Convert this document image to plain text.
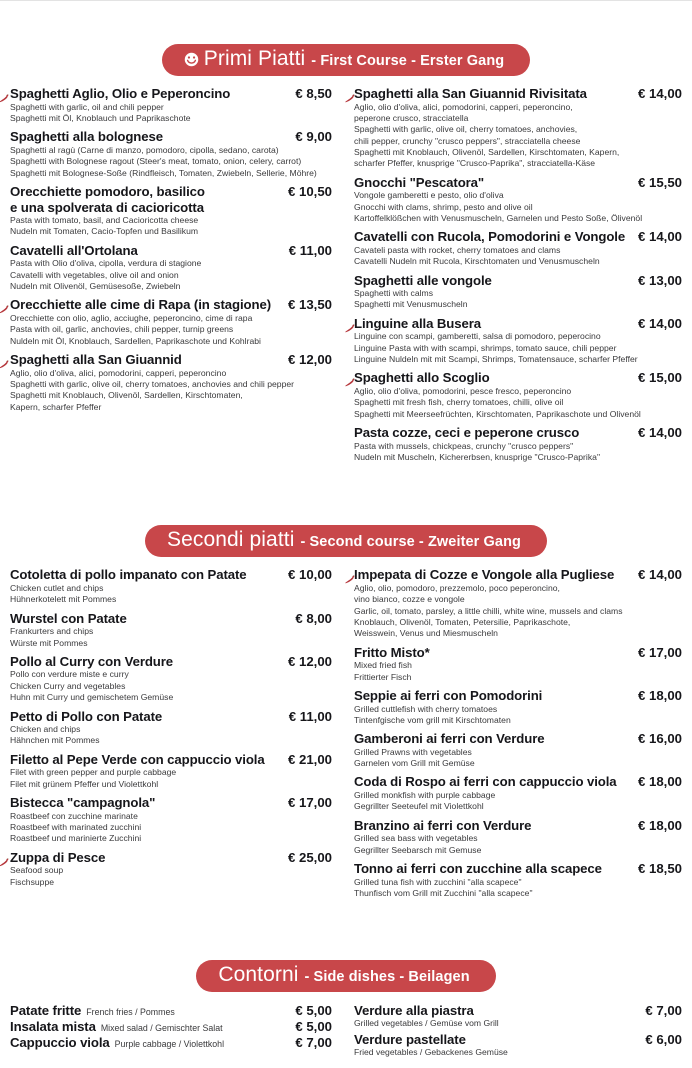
Primi Piatti - First Course - Erster Gang
Spaghetti Aglio, Olio e Peperoncino	€ 8,50
Spaghetti with garlic, oil and chili pepper
Spaghetti mit Öl, Knoblauch und Paprikaschote
Spaghetti alla bolognese	€ 9,00
Spaghetti al ragù (Carne di manzo, pomodoro, cipolla, sedano, carota)
Spaghetti with Bolognese ragout (Steer's meat, tomato, onion, celery, carrot)
Spaghetti mit Bolognese-Soße (Rindfleisch, Tomaten, Zwiebeln, Sellerie, Möhre)
Orecchiette pomodoro, basilico
e una spolverata di cacioricotta
€ 10,50
Pasta with tomato, basil, and Cacioricotta cheese
Nudeln mit Tomaten, Cacio-Topfen und Basilikum
Cavatelli all'Ortolana	€ 11,00
Pasta with Olio d'oliva, cipolla, verdura di stagione
Cavatelli with vegetables, olive oil and onion
Nudeln mit Olivenöl, Gemüsesoße, Zwiebeln
Orecchiette alle cime di Rapa (in stagione)	€ 13,50
Orecchiette con olio, aglio, acciughe, peperoncino, cime di rapa
Pasta with oil, garlic, anchovies, chili pepper, turnip greens
Nuldeln mit Öl, Knoblauch, Sardellen, Paprikaschote und Kohlrabi
Spaghetti alla San Giuannid	€ 12,00
Aglio, olio d'oliva, alici, pomodorini, capperi, peperoncino
Spaghetti with garlic, olive oil, cherry tomatoes, anchovies and chili pepper
Spaghetti mit Knoblauch, Olivenöl, Sardellen, Kirschtomaten,
Kapern, scharfer Pfeffer
Spaghetti alla San Giuannid Rivisitata	€ 14,00
Aglio, olio d'oliva, alici, pomodorini, capperi, peperoncino,
peperone crusco, stracciatella
Spaghetti with garlic, olive oil, cherry tomatoes, anchovies,
chili pepper, crunchy "crusco peppers", stracciatella cheese
Spaghetti mit Knoblauch, Olivenöl, Sardellen, Kirschtomaten, Kapern,
scharfer Pfeffer, knusprige "Crusco-Paprika", stracciatella-Käse
Gnocchi "Pescatora"	€ 15,50
Vongole gamberetti e pesto, olio d'oliva
Gnocchi with clams, shrimp, pesto and olive oil
Kartoffelklößchen with Venusmuscheln, Garnelen und Pesto Soße, Ölivenöl
Cavatelli con Rucola, Pomodorini e Vongole € 14,00
Cavateli pasta with rocket, cherry tomatoes and clams
Cavatelli Nudeln mit Rucola, Kirschtomaten und Venusmuscheln
Spaghetti alle vongole	€ 13,00
Spaghetti with calms
Spaghetti mit Venusmuscheln
Linguine alla Busera	€ 14,00
Linguine con scampi, gamberetti, salsa di pomodoro, peperocino
Linguine Pasta with with scampi, shrimps, tomato sauce, chili pepper
Linguine Nuldeln mit mit Scampi, Shrimps, Tomatensauce, scharfer Pfeffer
Spaghetti allo Scoglio	€ 15,00
Aglio, olio d'oliva, pomodorini, pesce fresco, peperoncino
Spaghetti mit fresh fish, cherry tomatoes, chilli, olive oil
Spaghetti mit Meerseefrüchten, Kirschtomaten, Paprikaschote und Olivenöl
Pasta cozze, ceci e peperone crusco	€ 14,00
Pasta with mussels, chickpeas, crunchy "crusco peppers"
Nudeln mit Muscheln, Kichererbsen, knusprige "Crusco-Paprika"
Secondi piatti - Second course - Zweiter Gang
Cotoletta di pollo impanato con Patate	€ 10,00
Chicken cutlet and chips
Hühnerkotelett mit Pommes
Wurstel con Patate	€ 8,00
Frankurters and chips
Würste mit Pommes
Pollo al Curry con Verdure	€ 12,00
Pollo con verdure miste e curry
Chicken Curry and vegetables
Huhn mit Curry und gemischetem Gemüse
Petto di Pollo con Patate	€ 11,00
Chicken and chips
Hähnchen mit Pommes
Filetto al Pepe Verde con cappuccio viola	€ 21,00
Filet with green pepper and purple cabbage
Filet mit grünem Pfeffer und Violettkohl
Bistecca "campagnola"	€ 17,00
Roastbeef con zucchine marinate
Roastbeef with marinated zucchini
Roastbeef und marinierte Zucchini
Zuppa di Pesce	€ 25,00
Seafood soup
Fischsuppe
Impepata di Cozze e Vongole alla Pugliese	€ 14,00
Aglio, olio, pomodoro, prezzemolo, poco peperoncino,
vino bianco, cozze e vongole
Garlic, oil, tomato, parsley, a little chilli, white wine, mussels and clams
Knoblauch, Olivenöl, Tomaten, Petersilie, Paprikaschote,
Weisswein, Venus und Miesmuscheln
Fritto Misto*	€ 17,00
Mixed fried fish
Frittierter Fisch
Seppie ai ferri con Pomodorini	€ 18,00
Grilled cuttlefish with cherry tomatoes
Tintenfgische vom grill mit Kirschtomaten
Gamberoni ai ferri con Verdure	€ 16,00
Grilled Prawns with vegetables
Garnelen vom Grill mit Gemüse
Coda di Rospo ai ferri con cappuccio viola	€ 18,00
Grilled monkfish with purple cabbage
Gegrillter Seeteufel mit Violettkohl
Branzino ai ferri con Verdure	€ 18,00
Grilled sea bass with vegetables
Gegrillter Seebarsch mit Gemuse
Tonno ai ferri con zucchine alla scapece	€ 18,50
Grilled tuna fish with zucchini "alla scapece"
Thunfisch vom Grill mit Zucchini "alla scapece"
Contorni - Side dishes - Beilagen
Patate fritte French fries / Pommes	€ 5,00
Insalata mista Mixed salad / Gemischter Salat	€ 5,00
Cappuccio viola Purple cabbage / Violettkohl	€ 7,00
Verdure alla piastra	€ 7,00
Grilled vegetables / Gemüse vom Grill
Verdure pastellate	€ 6,00
Fried vegetables / Gebackenes Gemüse
